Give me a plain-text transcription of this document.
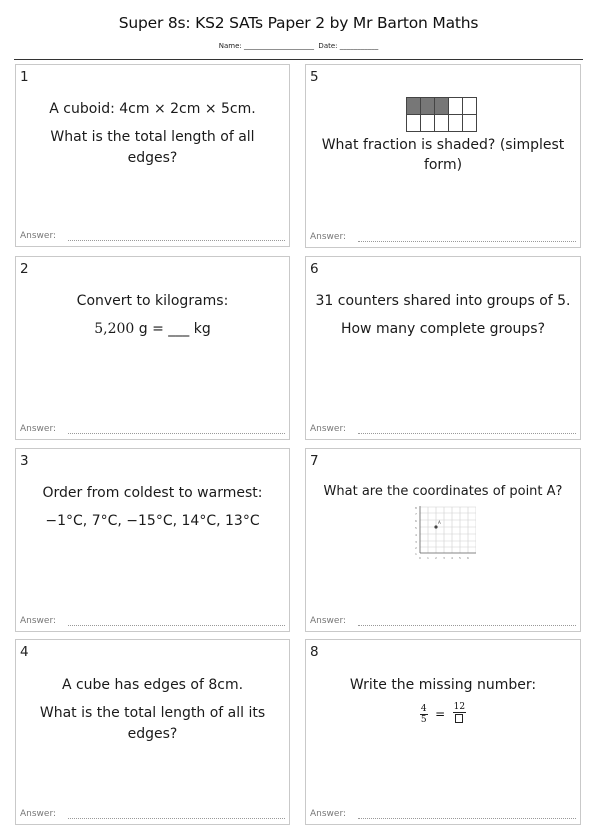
Super 8s: KS2 SATs Paper 2 by Mr Barton Maths
Name: ____________________  Date: ___________
1
A cuboid: 4cm × 2cm × 5cm.
What is the total length of all
edges?
Answer:
5
What fraction is shaded? (simplest
form)
Answer:
2
Convert to kilograms:
5,200 g = ___ kg
Answer:
6
31 counters shared into groups of 5.
How many complete groups?
Answer:
3
Order from coldest to warmest:
−1°C, 7°C, −15°C, 14°C, 13°C
Answer:
7
What are the coordinates of point A?
8
7
6
5
4
3
2
1
0 1 2 3 4 5 6
A
Answer:
4
A cube has edges of 8cm.
What is the total length of all its
edges?
Answer:
8
Write the missing number:
$\frac{4}{5} = 12$
Answer:
